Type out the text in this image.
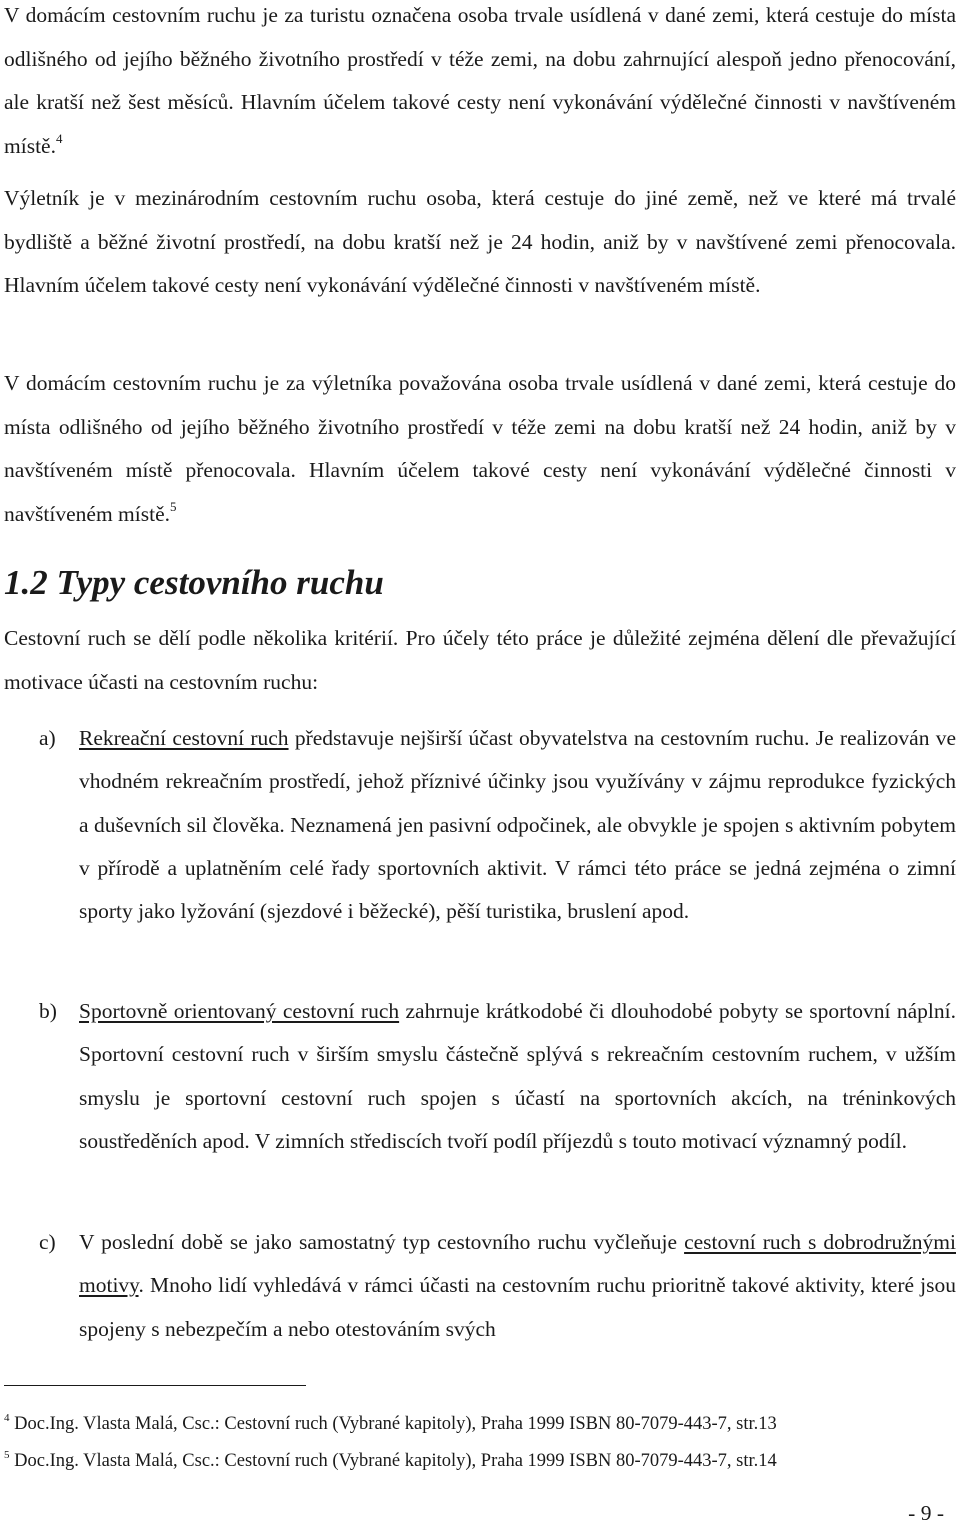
V domácím cestovním ruchu je za turistu označena osoba trvale usídlená v dané zemi, která cestuje do místa odlišného od jejího běžného životního prostředí v téže zemi, na dobu zahrnující alespoň jedno přenocování, ale kratší než šest měsíců. Hlavním účelem takové cesty není vykonávání výdělečné činnosti v navštíveném místě.$^4$

Výletník je v mezinárodním cestovním ruchu osoba, která cestuje do jiné země, než ve které má trvalé bydliště a běžné životní prostředí, na dobu kratší než je 24 hodin, aniž by v navštívené zemi přenocovala. Hlavním účelem takové cesty není vykonávání výdělečné činnosti v navštíveném místě.

V domácím cestovním ruchu je za výletníka považována osoba trvale usídlená v dané zemi, která cestuje do místa odlišného od jejího běžného životního prostředí v téže zemi na dobu kratší než 24 hodin, aniž by v navštíveném místě přenocovala. Hlavním účelem takové cesty není vykonávání výdělečné činnosti v navštíveném místě.$^5$

1.2 Typy cestovního ruchu

Cestovní ruch se dělí podle několika kritérií. Pro účely této práce je důležité zejména dělení dle převažující motivace účasti na cestovním ruchu:

a) Rekreační cestovní ruch představuje nejširší účast obyvatelstva na cestovním ruchu. Je realizován ve vhodném rekreačním prostředí, jehož příznivé účinky jsou využívány v zájmu reprodukce fyzických a duševních sil člověka. Neznamená jen pasivní odpočinek, ale obvykle je spojen s aktivním pobytem v přírodě a uplatněním celé řady sportovních aktivit. V rámci této práce se jedná zejména o zimní sporty jako lyžování (sjezdové i běžecké), pěší turistika, bruslení apod.
b) Sportovně orientovaný cestovní ruch zahrnuje krátkodobé či dlouhodobé pobyty se sportovní náplní. Sportovní cestovní ruch v širším smyslu částečně splývá s rekreačním cestovním ruchem, v užším smyslu je sportovní cestovní ruch spojen s účastí na sportovních akcích, na tréninkových soustředěních apod. V zimních střediscích tvoří podíl příjezdů s touto motivací významný podíl.
c) V poslední době se jako samostatný typ cestovního ruchu vyčleňuje cestovní ruch s dobrodružnými motivy. Mnoho lidí vyhledává v rámci účasti na cestovním ruchu prioritně takové aktivity, které jsou spojeny s nebezpečím a nebo otestováním svých
$^4$ Doc.Ing. Vlasta Malá, Csc.: Cestovní ruch (Vybrané kapitoly), Praha 1999 ISBN 80-7079-443-7, str.13
$^5$ Doc.Ing. Vlasta Malá, Csc.: Cestovní ruch (Vybrané kapitoly), Praha 1999 ISBN 80-7079-443-7, str.14
- 9 -
